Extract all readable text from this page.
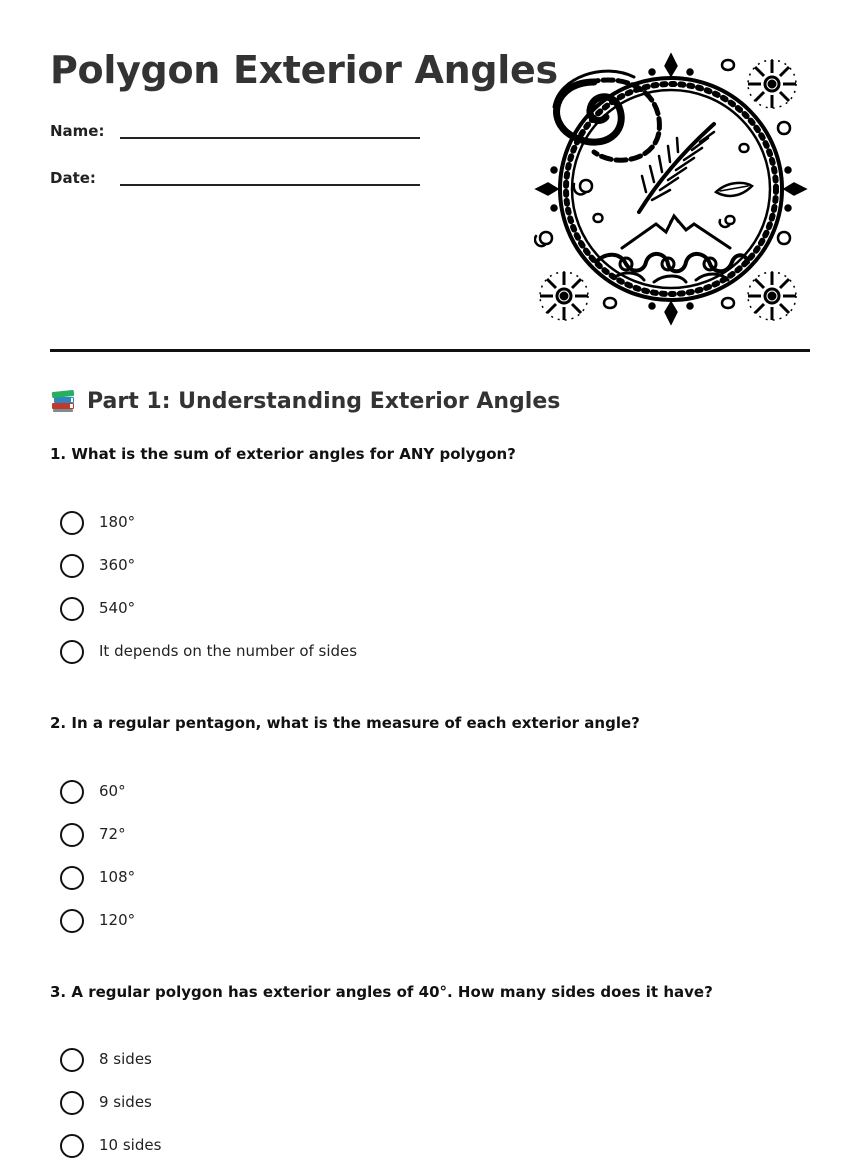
Polygon Exterior Angles
Name:
Date:
Part 1: Understanding Exterior Angles
1. What is the sum of exterior angles for ANY polygon?
180°
360°
540°
It depends on the number of sides
2. In a regular pentagon, what is the measure of each exterior angle?
60°
72°
108°
120°
3. A regular polygon has exterior angles of 40°. How many sides does it have?
8 sides
9 sides
10 sides
